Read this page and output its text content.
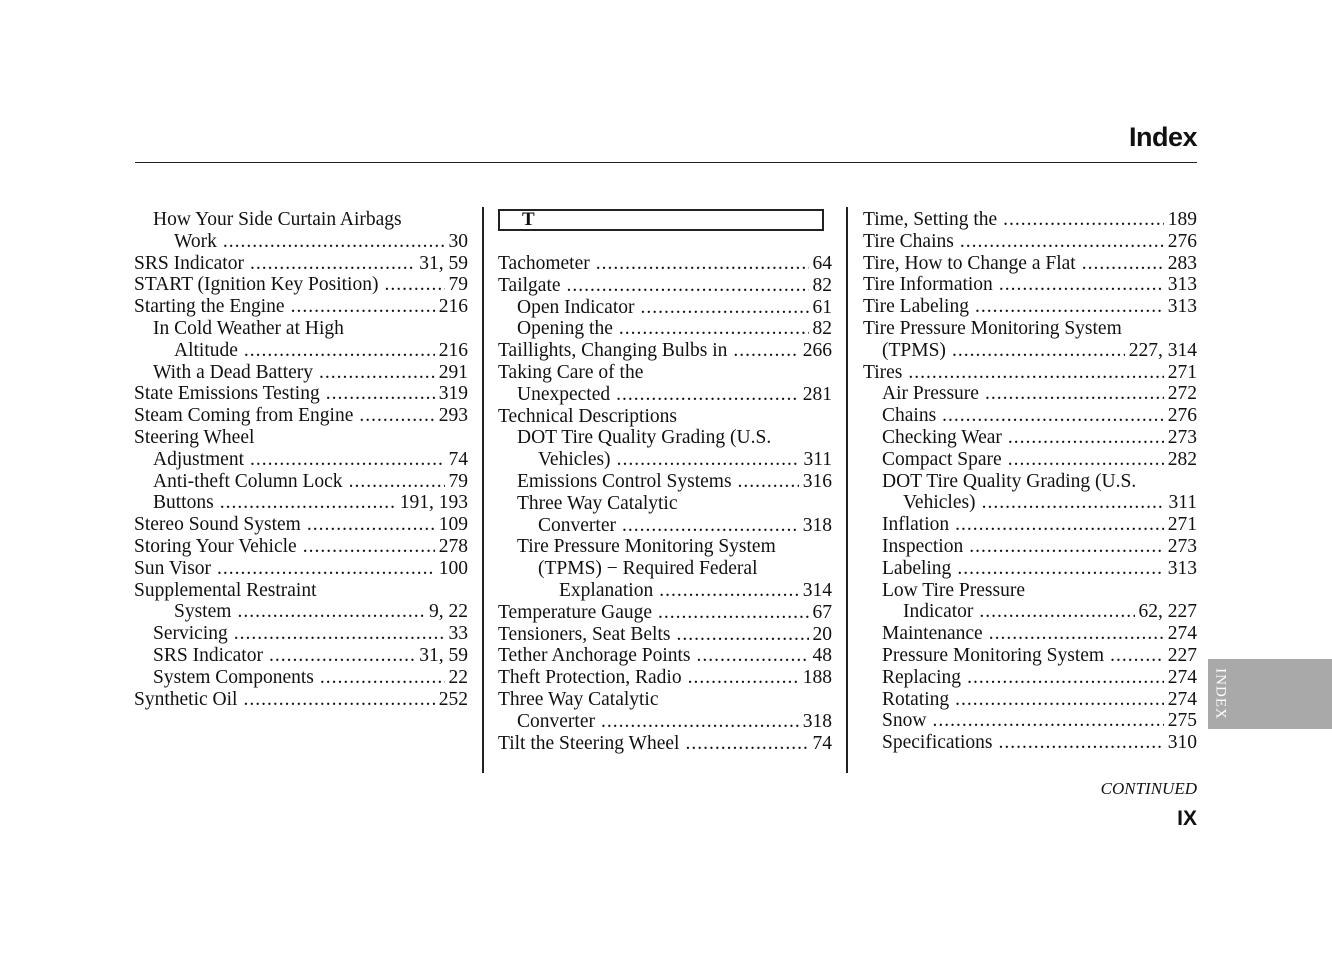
Index
How Your Side Curtain Airbags
Work .....	30
SRS Indicator .....	31, 59
START (Ignition Key Position) .....	79
Starting the Engine .....	216
In Cold Weather at High
Altitude .....	216
With a Dead Battery .....	291
State Emissions Testing .....	319
Steam Coming from Engine .....	293
Steering Wheel
Adjustment .....	74
Anti-theft Column Lock .....	79
Buttons .....	191, 193
Stereo Sound System .....	109
Storing Your Vehicle .....	278
Sun Visor .....	100
Supplemental Restraint
System .....	9, 22
Servicing .....	33
SRS Indicator .....	31, 59
System Components .....	22
Synthetic Oil .....	252
T
Tachometer .....	64
Tailgate .....	82
Open Indicator .....	61
Opening the .....	82
Taillights, Changing Bulbs in .....	266
Taking Care of the
Unexpected .....	281
Technical Descriptions
DOT Tire Quality Grading (U.S.
Vehicles) .....	311
Emissions Control Systems .....	316
Three Way Catalytic
Converter .....	318
Tire Pressure Monitoring System
(TPMS) − Required Federal
Explanation .....	314
Temperature Gauge .....	67
Tensioners, Seat Belts .....	20
Tether Anchorage Points .....	48
Theft Protection, Radio .....	188
Three Way Catalytic
Converter .....	318
Tilt the Steering Wheel .....	74
Time, Setting the .....	189
Tire Chains .....	276
Tire, How to Change a Flat .....	283
Tire Information .....	313
Tire Labeling .....	313
Tire Pressure Monitoring System
(TPMS) .....	227, 314
Tires .....	271
Air Pressure .....	272
Chains .....	276
Checking Wear .....	273
Compact Spare .....	282
DOT Tire Quality Grading (U.S.
Vehicles) .....	311
Inflation .....	271
Inspection .....	273
Labeling .....	313
Low Tire Pressure
Indicator .....	62, 227
Maintenance .....	274
Pressure Monitoring System .....	227
Replacing .....	274
Rotating .....	274
Snow .....	275
Specifications .....	310
CONTINUED
IX
INDEX
